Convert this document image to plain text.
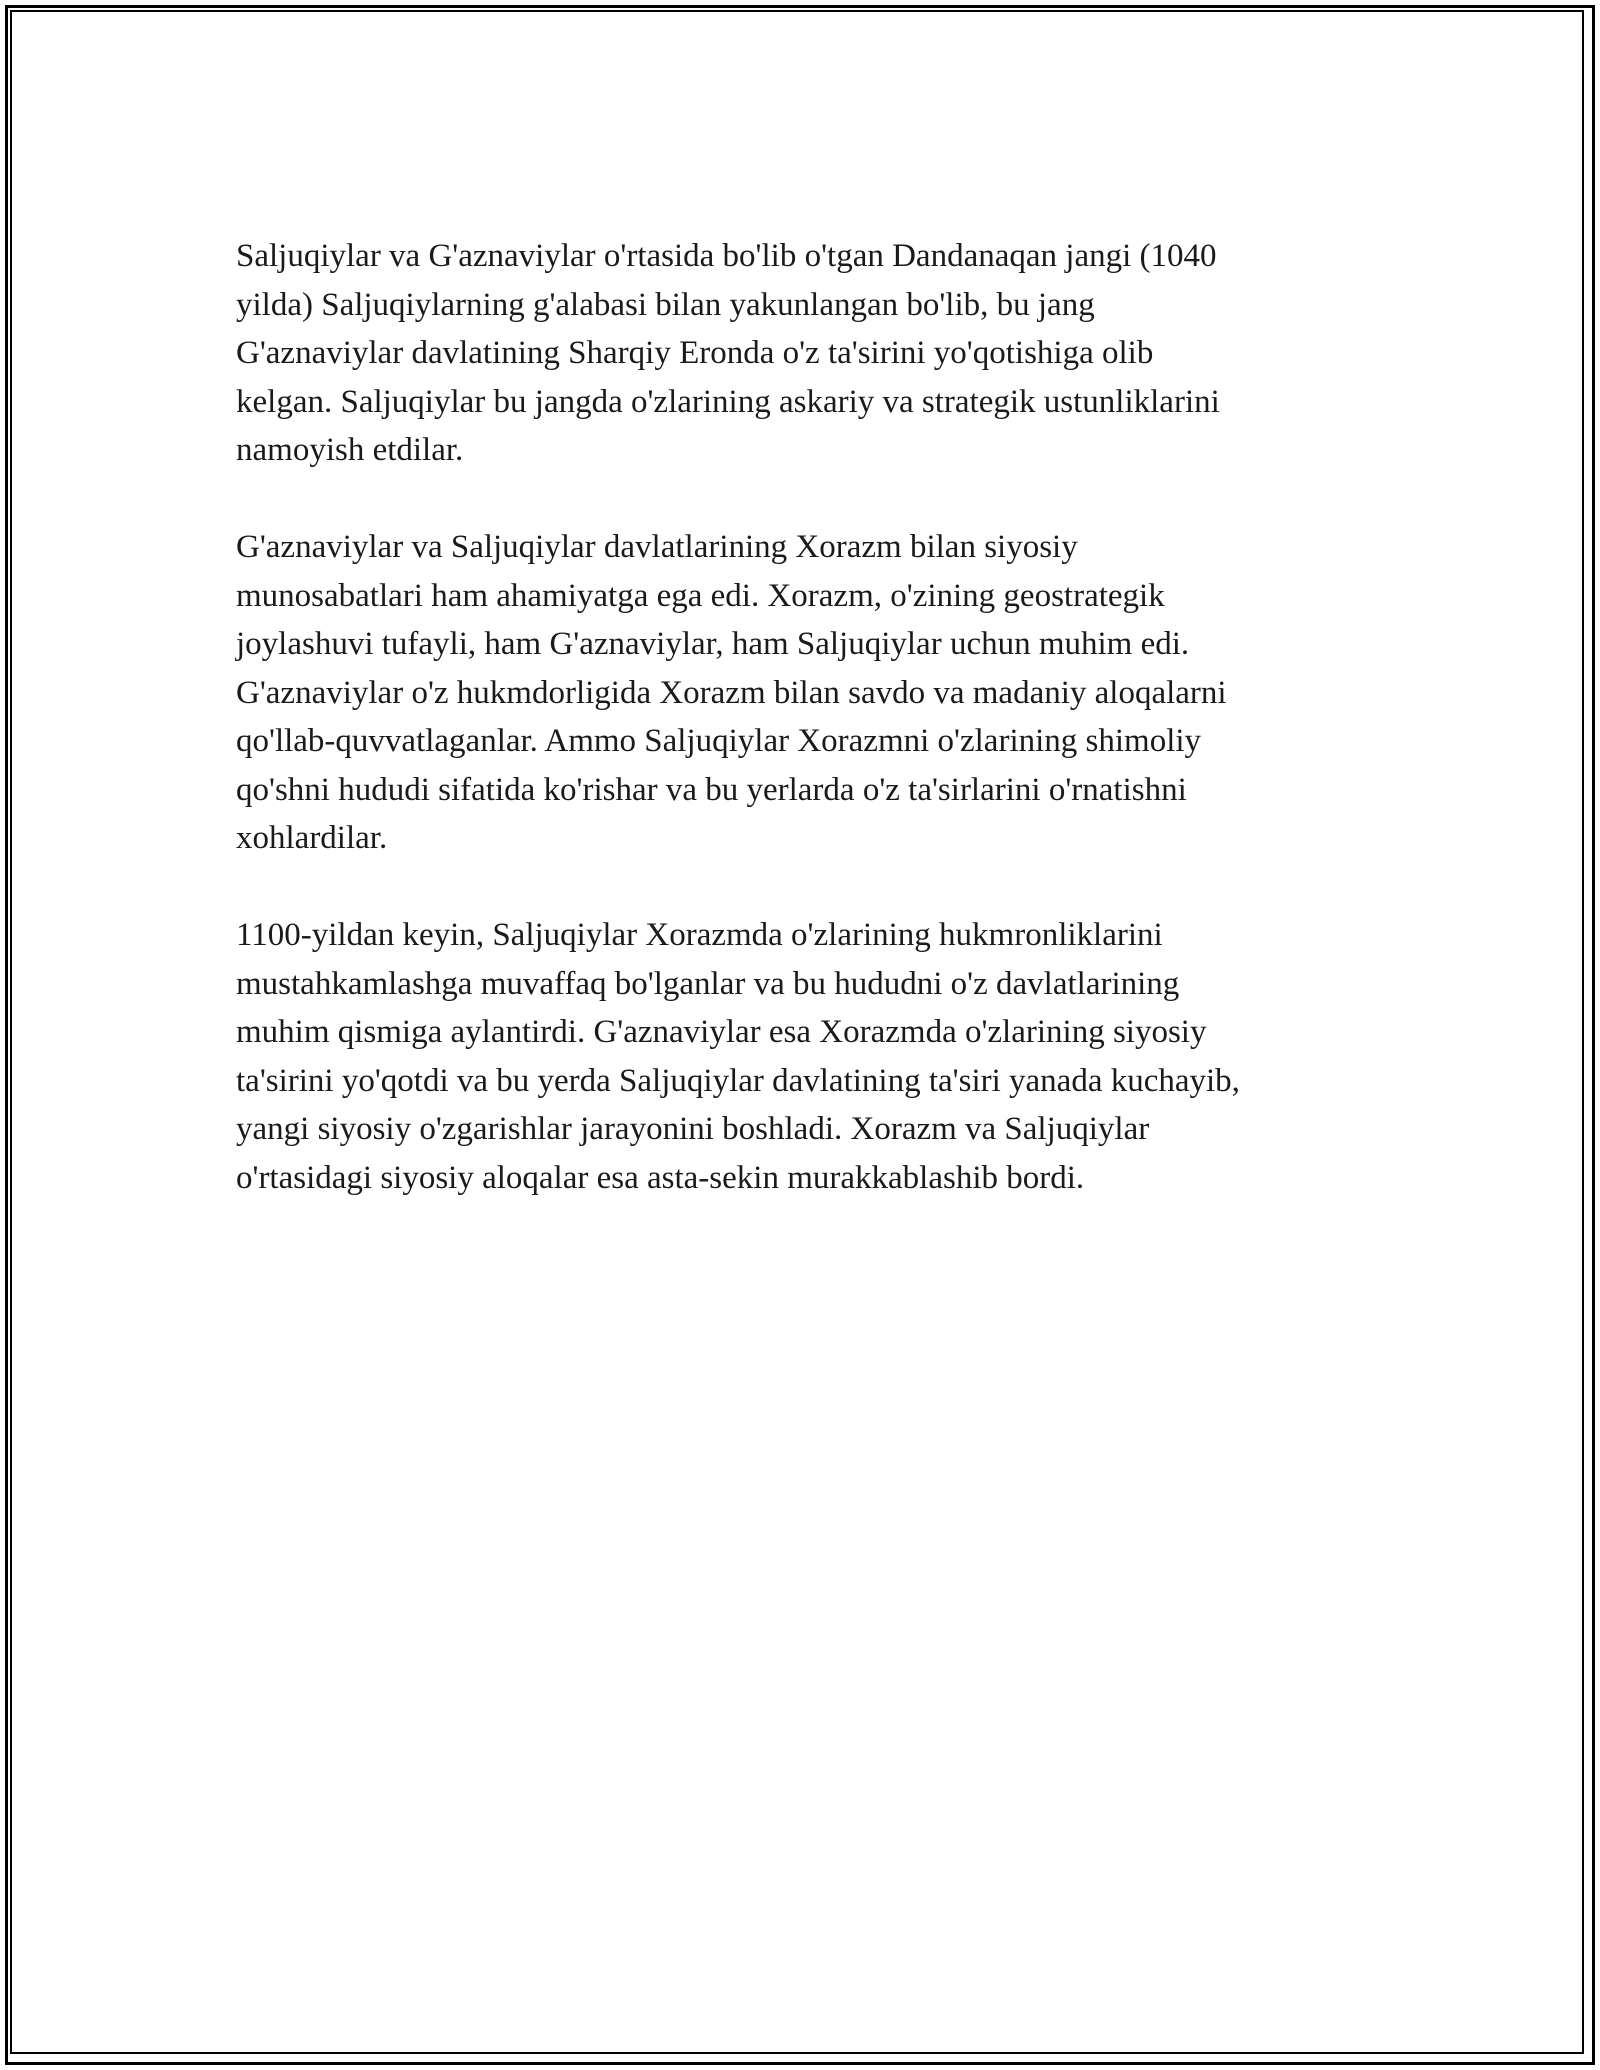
Saljuqiylar va G'aznaviylar o'rtasida bo'lib o'tgan Dandanaqan jangi (1040
yilda) Saljuqiylarning g'alabasi bilan yakunlangan bo'lib, bu jang
G'aznaviylar davlatining Sharqiy Eronda o'z ta'sirini yo'qotishiga olib
kelgan. Saljuqiylar bu jangda o'zlarining askariy va strategik ustunliklarini
namoyish etdilar.

G'aznaviylar va Saljuqiylar davlatlarining Xorazm bilan siyosiy
munosabatlari ham ahamiyatga ega edi. Xorazm, o'zining geostrategik
joylashuvi tufayli, ham G'aznaviylar, ham Saljuqiylar uchun muhim edi.
G'aznaviylar o'z hukmdorligida Xorazm bilan savdo va madaniy aloqalarni
qo'llab-quvvatlaganlar. Ammo Saljuqiylar Xorazmni o'zlarining shimoliy
qo'shni hududi sifatida ko'rishar va bu yerlarda o'z ta'sirlarini o'rnatishni
xohlardilar.

1100-yildan keyin, Saljuqiylar Xorazmda o'zlarining hukmronliklarini
mustahkamlashga muvaffaq bo'lganlar va bu hududni o'z davlatlarining
muhim qismiga aylantirdi. G'aznaviylar esa Xorazmda o'zlarining siyosiy
ta'sirini yo'qotdi va bu yerda Saljuqiylar davlatining ta'siri yanada kuchayib,
yangi siyosiy o'zgarishlar jarayonini boshladi. Xorazm va Saljuqiylar
o'rtasidagi siyosiy aloqalar esa asta-sekin murakkablashib bordi.
